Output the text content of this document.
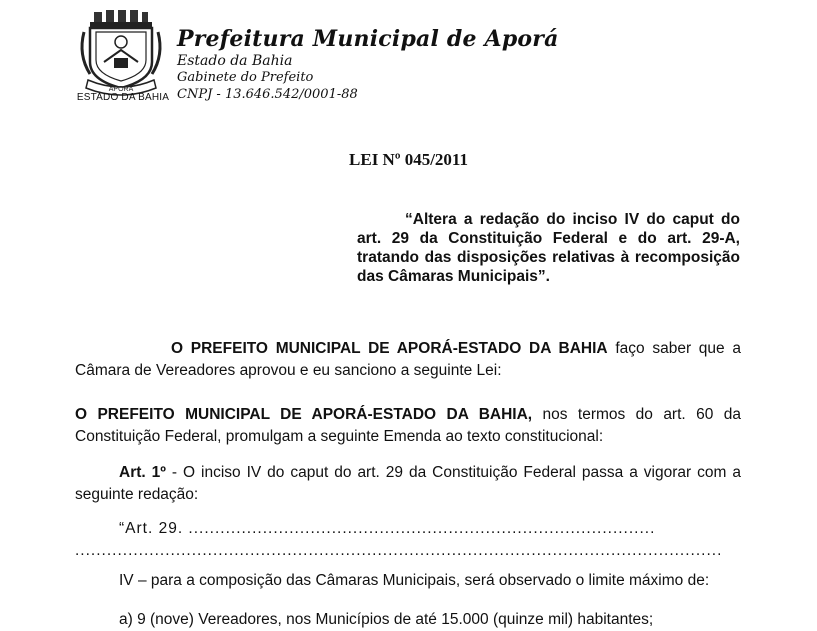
APORÁ
ESTADO DA BAHIA
Prefeitura Municipal de Aporá
Estado da Bahia
Gabinete do Prefeito
CNPJ - 13.646.542/0001-88
LEI Nº 045/2011
“Altera a redação do inciso IV do caput do art. 29 da Constituição Federal e do art. 29-A, tratando das disposições relativas à recomposição das Câmaras Municipais”.
O PREFEITO MUNICIPAL DE APORÁ-ESTADO DA BAHIA faço saber que a Câmara de Vereadores aprovou e eu sanciono a seguinte Lei:
O PREFEITO MUNICIPAL DE APORÁ-ESTADO DA BAHIA, nos termos do art. 60 da Constituição Federal, promulgam a seguinte Emenda ao texto constitucional:
Art. 1º - O inciso IV do caput do art. 29 da Constituição Federal passa a vigorar com a seguinte redação:
“Art. 29. ........................................................................................
..........................................................................................................................
IV – para a composição das Câmaras Municipais, será observado o limite máximo de:
a) 9 (nove) Vereadores, nos Municípios de até 15.000 (quinze mil) habitantes;
